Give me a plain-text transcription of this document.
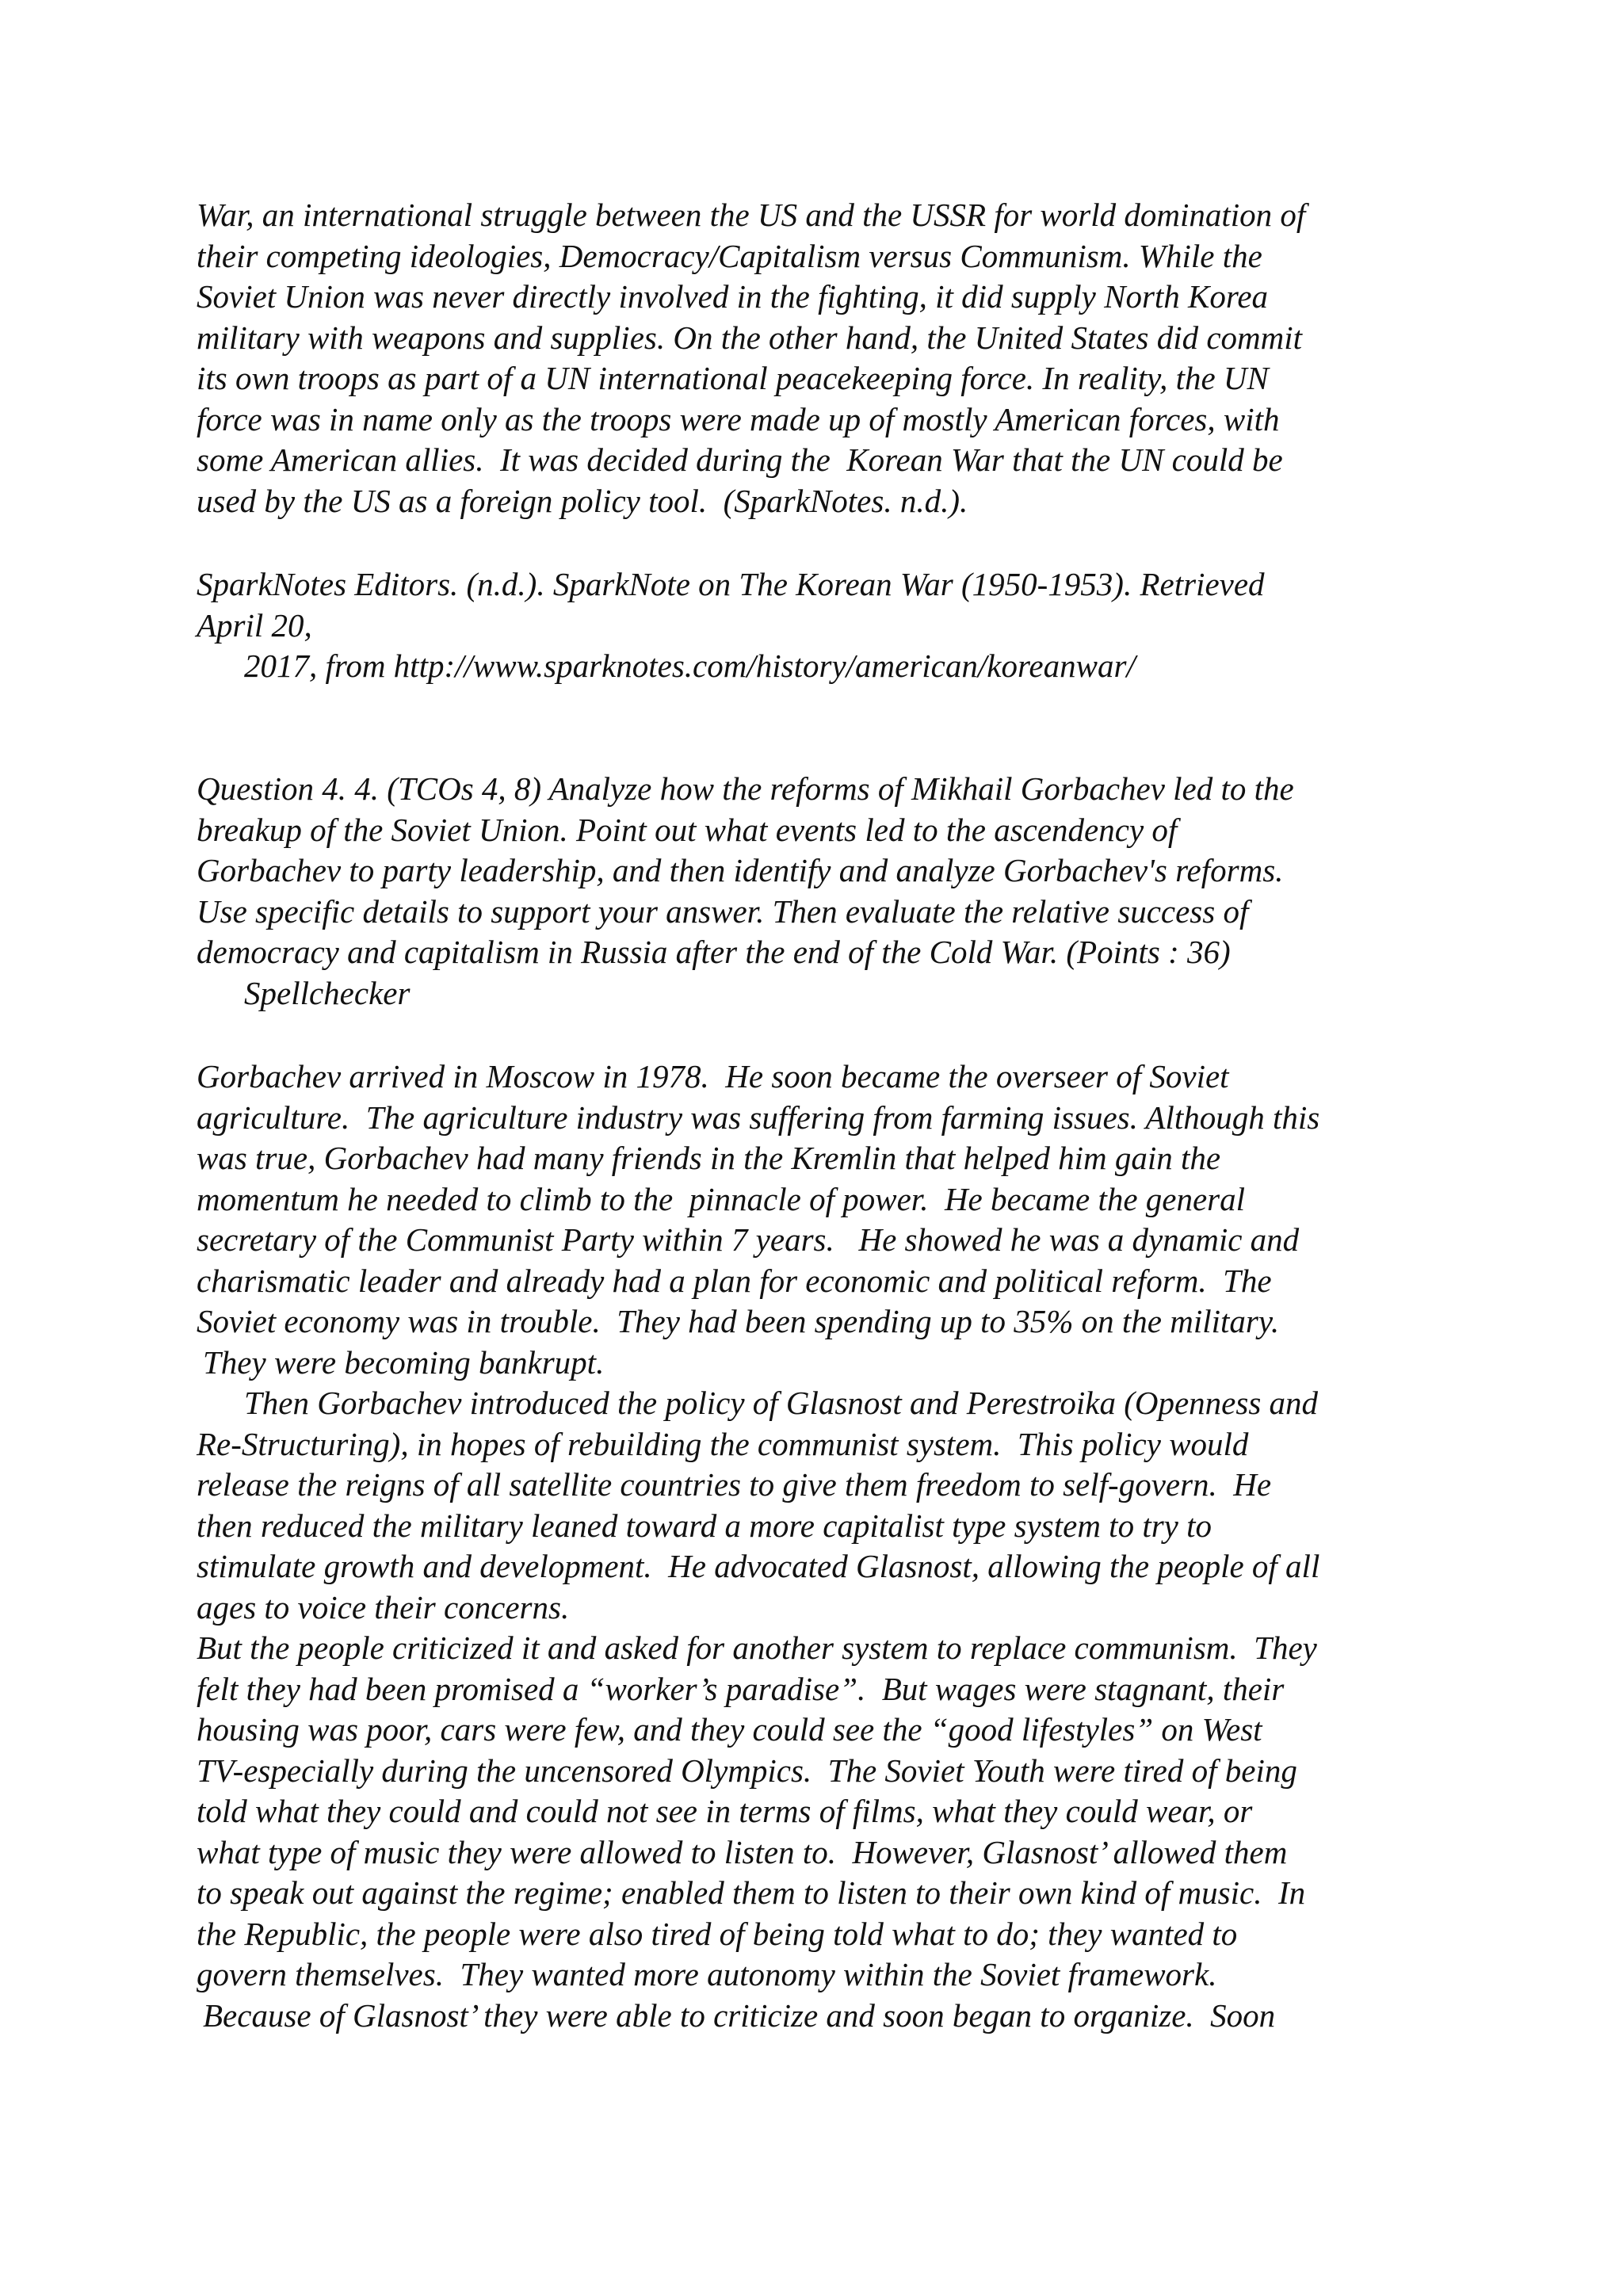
War, an international struggle between the US and the USSR for world domination of
their competing ideologies, Democracy/Capitalism versus Communism. While the
Soviet Union was never directly involved in the fighting, it did supply North Korea
military with weapons and supplies. On the other hand, the United States did commit
its own troops as part of a UN international peacekeeping force. In reality, the UN
force was in name only as the troops were made up of mostly American forces, with
some American allies.  It was decided during the  Korean War that the UN could be
used by the US as a foreign policy tool.  (SparkNotes. n.d.).
SparkNotes Editors. (n.d.). SparkNote on The Korean War (1950-1953). Retrieved
April 20,
2017, from http://www.sparknotes.com/history/american/koreanwar/
Question 4. 4. (TCOs 4, 8) Analyze how the reforms of Mikhail Gorbachev led to the
breakup of the Soviet Union. Point out what events led to the ascendency of
Gorbachev to party leadership, and then identify and analyze Gorbachev's reforms.
Use specific details to support your answer. Then evaluate the relative success of
democracy and capitalism in Russia after the end of the Cold War. (Points : 36)
Spellchecker
Gorbachev arrived in Moscow in 1978.  He soon became the overseer of Soviet
agriculture.  The agriculture industry was suffering from farming issues. Although this
was true, Gorbachev had many friends in the Kremlin that helped him gain the
momentum he needed to climb to the  pinnacle of power.  He became the general
secretary of the Communist Party within 7 years.   He showed he was a dynamic and
charismatic leader and already had a plan for economic and political reform.  The
Soviet economy was in trouble.  They had been spending up to 35% on the military.
They were becoming bankrupt.
Then Gorbachev introduced the policy of Glasnost and Perestroika (Openness and
Re-Structuring), in hopes of rebuilding the communist system.  This policy would
release the reigns of all satellite countries to give them freedom to self-govern.  He
then reduced the military leaned toward a more capitalist type system to try to
stimulate growth and development.  He advocated Glasnost, allowing the people of all
ages to voice their concerns.
But the people criticized it and asked for another system to replace communism.  They
felt they had been promised a “worker’s paradise”.  But wages were stagnant, their
housing was poor, cars were few, and they could see the “good lifestyles” on West
TV-especially during the uncensored Olympics.  The Soviet Youth were tired of being
told what they could and could not see in terms of films, what they could wear, or
what type of music they were allowed to listen to.  However, Glasnost’ allowed them
to speak out against the regime; enabled them to listen to their own kind of music.  In
the Republic, the people were also tired of being told what to do; they wanted to
govern themselves.  They wanted more autonomy within the Soviet framework.
Because of Glasnost’ they were able to criticize and soon began to organize.  Soon
